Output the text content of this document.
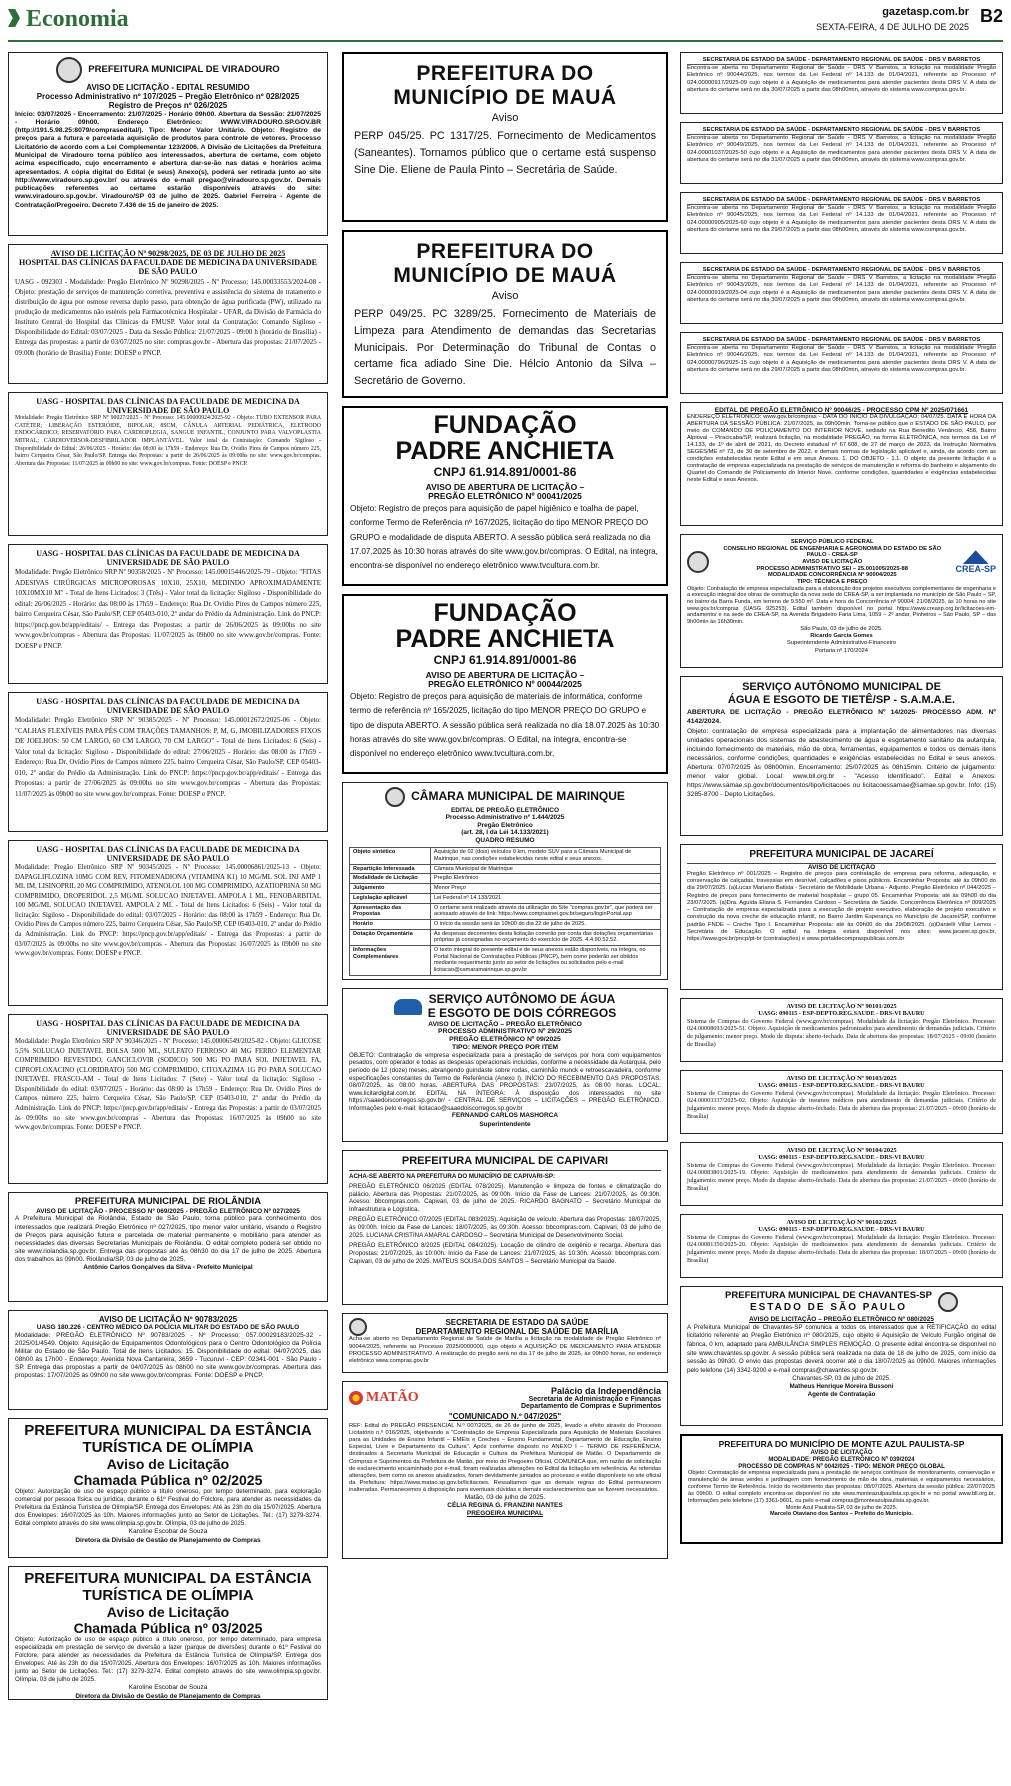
Economia	gazetasp.com.br
SEXTA-FEIRA, 4 DE JULHO DE 2025
B2
PREFEITURA MUNICIPAL DE VIRADOURO
AVISO DE LICITAÇÃO - EDITAL RESUMIDO
Processo Administrativo nº 107/2025 – Pregão Eletrônico nº 028/2025
Registro de Preços nº 026/2025

Início: 03/07/2025 - Encerramento: 21/07/2025 - Horário 09h00. Abertura da Sessão: 21/07/2025 - Horário 09h00. Endereço Eletrônico: WWW.VIRADOURO.SP.GOV.BR (http://191.5.98.25:8079/comprasedital/). Tipo: Menor Valor Unitário. Objeto: Registro de preços para a futura e parcelada aquisição de produtos para controle de vetores. Processo Licitatório de acordo com a Lei Complementar 123/2006. A Divisão de Licitações da Prefeitura Municipal de Viradouro torna público aos interessados, abertura de certame, com objeto acima especificado, cujo encerramento e abertura dar-se-ão nas datas e horários acima apresentados. A cópia digital do Edital (e seus) Anexo(s), poderá ser retirada junto ao site http://www.viradouro.sp.gov.br/ ou através do e-mail pregao@viradouro.sp.gov.br. Demais publicações referentes ao certame estarão disponíveis através do site: www.viradouro.sp.gov.br. Viradouro/SP 03 de julho de 2025. Gabriel Ferreira - Agente de Contratação/Pregoeiro. Decreto 7.436 de 15 de janeiro de 2025.

AVISO DE LICITAÇÃO Nº 90298/2025, DE 03 DE JULHO DE 2025
HOSPITAL DAS CLÍNICAS DA FACULDADE DE MEDICINA DA UNIVERSIDADE DE SÃO PAULO

UASG - 092303 - Modalidade: Pregão Eletrônico Nº 90298/2025 - Nº Processo: 145.00033553/2024-08 - Objeto: prestação de serviços de manutenção corretiva, preventiva e assistência do sistema de tratamento e distribuição de água por osmose reversa duplo passo, para obtenção de água purificada (PW), utilizado na produção de medicamentos não estéreis pela Farmacotécnica Hospitalar - UFAR, da Divisão de Farmácia do Instituto Central do Hospital das Clínicas da FMUSP. Valor total da Contratação: Comando Sigiloso - Disponibilidade do Edital: 03/07/2025 - Data da Sessão Pública: 21/07/2025 - 09:00 h (horário de Brasília) - Entrega das propostas: a partir de 03/07/2025 no site: compras.gov.br - Abertura das propostas: 21/07/2025 - 09:00h (horário de Brasília) Fonte: DOESP e PNCP.

UASG - HOSPITAL DAS CLÍNICAS DA FACULDADE DE MEDICINA DA UNIVERSIDADE DE SÃO PAULO

Modalidade: Pregão Eletrônico SRP Nº 90027/2025 - Nº Processo: 145.00000924/2025-92 - Objeto: TUBO EXTENSOR PARA CATÉTER; LIBERAÇÃO ESTERÓIDE, BIPOLAR, 8SCM, CÂNULA ARTERIAL PEDIÁTRICA, ELETRODO ENDOCÁRDICO; RESERVATÓRIO PARA CARDIOPLEGIA, SANGUE INFANTIL, CONJUNTO PARA VALVOPLASTIA MITRAL; CARDIOVERSOR-DESFIBRILADOR IMPLANTÁVEL. Valor total da Contratação: Comando Sigiloso - Disponibilidade do Edital: 26/06/2025 - Horário: das 08:00 às 17h59 - Endereço: Rua Dr. Ovídio Pires de Campos número 225, bairro Cerqueira César, São Paulo/SP. Entrega das Propostas: a partir de 26/06/2025 às 09:00hs no site: www.gov.br/compras. Abertura das Propostas: 11/07/2025 às 09h00 no site: www.gov.br/compras. Fonte: DOESP e PNCP.

UASG - HOSPITAL DAS CLÍNICAS DA FACULDADE DE MEDICINA DA UNIVERSIDADE DE SÃO PAULO

Modalidade: Pregão Eletrônico SRP Nº 90358/2025 - Nº Processo: 145.00015446/2025-79 - Objeto: "FITAS ADESIVAS CIRÚRGICAS MICROPOROSAS 10X10, 25X10, MEDINDO APROXIMADAMENTE 10X10MX10 M" - Total de Itens Licitados: 3 (Três) - Valor total da licitação: Sigiloso - Disponibilidade do edital: 26/06/2025 - Horário: das 08:00 às 17h59 - Endereço: Rua Dr. Ovídio Pires de Campos número 225, bairro Cerqueira César, São Paulo/SP, CEP 05403-010, 2º andar do Prédio da Administração. Link do PNCP: https://pncp.gov.br/app/editais/ - Entrega das Propostas: a partir de 26/06/2025 às 09:00hs no site www.gov.br/compras - Abertura das Propostas: 11/07/2025 às 09h00 no site www.gov.br/compras. Fonte: DOESP e PNCP.

UASG - HOSPITAL DAS CLÍNICAS DA FACULDADE DE MEDICINA DA UNIVERSIDADE DE SÃO PAULO

Modalidade: Pregão Eletrônico SRP Nº 90385/2025 - Nº Processo: 145.00012672/2025-06 - Objeto: "CALHAS FLEXÍVEIS PARA PÉS COM TRAÇÕES TAMANHOS: P, M, G, IMOBILIZADORES FIXOS DE JOELHOS: 50 CM LARGO, 60 CM LARGO, 70 CM LARGO" - Total de Itens Licitados: 6 (Seis) - Valor total da licitação: Sigiloso - Disponibilidade do edital: 27/06/2025 - Horário: das 08:00 às 17h59 - Endereço: Rua Dr. Ovídio Pires de Campos número 225, bairro Cerqueira César, São Paulo/SP, CEP 05403-010, 2º andar do Prédio da Administração. Link do PNCP: https://pncp.gov.br/app/editais/ - Entrega das Propostas: a partir de 27/06/2025 às 09:00hs no site www.gov.br/compras - Abertura das Propostas: 11/07/2025 às 09h00 no site www.gov.br/compras. Fonte: DOESP e PNCP.

UASG - HOSPITAL DAS CLÍNICAS DA FACULDADE DE MEDICINA DA UNIVERSIDADE DE SÃO PAULO

Modalidade: Pregão Eletrônico SRP Nº 90345/2025 - Nº Processo: 145.00006861/2025-13 - Objeto: DAPAGLIFLOZINA 10MG COM REV, FITOMENADIONA (VITAMINA K1) 10 MG/ML SOL INJ AMP 1 ML IM, LISINOPRIL 20 MG COMPRIMIDO, ATENOLOL 100 MG COMPRIMIDO, AZATIOPRINA 50 MG COMPRIMIDO, DROPERIDOL 2,5 MG/ML SOLUCAO INJETAVEL AMPOLA 1 ML, FENOBARBITAL 100 MG/ML SOLUCAO INJETAVEL AMPOLA 2 ML - Total de Itens Licitados: 6 (Seis) - Valor total da licitação: Sigiloso - Disponibilidade do edital: 03/07/2025 - Horário: das 08:00 às 17h59 - Endereço: Rua Dr. Ovídio Pires de Campos número 225, bairro Cerqueira César, São Paulo/SP, CEP 05403-010, 2º andar do Prédio da Administração. Link do PNCP: https://pncp.gov.br/app/editais/ - Entrega das Propostas: a partir de 03/07/2025 às 09:00hs no site www.gov.br/compras - Abertura das Propostas: 16/07/2025 às 09h00 no site www.gov.br/compras. Fonte: DOESP e PNCP.

UASG - HOSPITAL DAS CLÍNICAS DA FACULDADE DE MEDICINA DA UNIVERSIDADE DE SÃO PAULO

Modalidade: Pregão Eletrônico SRP Nº 90346/2025 - Nº Processo: 145.00006549/2025-82 - Objeto: GLICOSE 5,5% SOLUCAO INJETAVEL BOLSA 5000 ML, SULFATO FERROSO 40 MG FERRO ELEMENTAR COMPRIMIDO REVESTIDO, GANCICLOVIR (SODICO) 500 MG PO PARA SOL INJETAVEL FA, CIPROFLOXACINO (CLORIDRATO) 500 MG COMPRIMIDO, CITOXAZIMA 1G PO PARA SOLUCAO INJETAVEL FRASCO-AM - Total de Itens Licitados: 7 (Sete) - Valor total da licitação: Sigiloso - Disponibilidade do edital: 03/07/2025 - Horário: das 08:00 às 17h59 - Endereço: Rua Dr. Ovídio Pires de Campos número 225, bairro Cerqueira César, São Paulo/SP, CEP 05403-010, 2º andar do Prédio da Administração. Link do PNCP: https://pncp.gov.br/app/editais/ - Entrega das Propostas: a partir de 03/07/2025 às 09:00hs no site www.gov.br/compras - Abertura das Propostas: 16/07/2025 às 09h00 no site www.gov.br/compras. Fonte: DOESP e PNCP.

PREFEITURA MUNICIPAL DE RIOLÂNDIA
AVISO DE LICITAÇÃO - PROCESSO Nº 069/2025 - PREGÃO ELETRÔNICO Nº 027/2025

A Prefeitura Municipal de Riolândia, Estado de São Paulo, torna público para conhecimento dos interessados que realizará Pregão Eletrônico nº 027/2025, tipo menor valor unitário, visando o Registro de Preços para aquisição futura e parcelada de material permanente e mobiliário para atender as necessidades das diversas Secretarias Municipais de Riolândia. O edital completo poderá ser obtido no site www.riolandia.sp.gov.br. Entrega das propostas até às 08h30 do dia 17 de julho de 2025. Abertura dos trabalhos às 09h00. Riolândia/SP, 03 de julho de 2025.

Antônio Carlos Gonçalves da Silva - Prefeito Municipal

AVISO DE LICITAÇÃO Nº 90783/2025
UASG 180.226 - CENTRO MÉDICO DA POLÍCIA MILITAR DO ESTADO DE SÃO PAULO

Modalidade: PREGÃO ELETRÔNICO Nº 90783/2025 - Nº Processo: 057.00029183/2025-32 - 2025/01/4549. Objeto: Aquisição de Equipamentos Odontológicos para o Centro Odontológico da Polícia Militar do Estado de São Paulo. Total de Itens Licitados: 15. Disponibilidade do edital: 04/07/2025, das 08h00 às 17h00 - Endereço: Avenida Nova Cantareira, 3659 - Tucuruvi - CEP: 02341-001 - São Paulo - SP. Entrega das propostas a partir de 04/07/2025 às 08h00 no site www.gov.br/compras. Abertura das propostas: 17/07/2025 às 09h00 no site www.gov.br/compras. Fonte: DOESP e PNCP.

PREFEITURA MUNICIPAL DA ESTÂNCIA TURÍSTICA DE OLÍMPIA
Aviso de Licitação
Chamada Pública nº 02/2025

Objeto: Autorização de uso de espaço público a título oneroso, por tempo determinado, para exploração comercial por pessoa física ou jurídica, durante o 61º Festival do Folclore, para atender as necessidades da Prefeitura da Estância Turística de Olímpia/SP. Entrega dos Envelopes: Até às 23h do dia 15/07/2025. Abertura dos Envelopes: 16/07/2025 às 10h. Maiores informações junto ao Setor de Licitações. Tel.: (17) 3279-3274. Edital completo através do site www.olimpia.sp.gov.br. Olímpia, 03 de julho de 2025.

Karoline Escobar de Souza

Diretora da Divisão de Gestão de Planejamento de Compras

PREFEITURA MUNICIPAL DA ESTÂNCIA TURÍSTICA DE OLÍMPIA
Aviso de Licitação
Chamada Pública nº 03/2025

Objeto: Autorização de uso de espaço público a título oneroso, por tempo determinado, para empresa especializada em prestação de serviço de diversão a lazer (parque de diversões) durante o 61º Festival do Folclore, para atender as necessidades da Prefeitura da Estância Turística de Olímpia/SP. Entrega dos Envelopes: Até às 23h do dia 15/07/2025. Abertura dos Envelopes: 16/07/2025 às 10h. Maiores informações junto ao Setor de Licitações. Tel.: (17) 3279-3274. Edital completo através do site www.olimpia.sp.gov.br. Olímpia, 03 de julho de 2025.

Karoline Escobar de Souza

Diretora da Divisão de Gestão de Planejamento de Compras

PREFEITURA DO
MUNICÍPIO DE MAUÁ
Aviso

PERP 045/25. PC 1317/25. Fornecimento de Medicamentos (Saneantes). Tornamos público que o certame está suspenso Sine Die. Eliene de Paula Pinto – Secretária de Saúde.

PREFEITURA DO
MUNICÍPIO DE MAUÁ
Aviso

PERP 049/25. PC 3289/25. Fornecimento de Materiais de Limpeza para Atendimento de demandas das Secretarias Municipais. Por Determinação do Tribunal de Contas o certame fica adiado Sine Die. Hélcio Antonio da Silva – Secretário de Governo.

FUNDAÇÃO
PADRE ANCHIETA
CNPJ 61.914.891/0001-86
AVISO DE ABERTURA DE LICITAÇÃO –
PREGÃO ELETRÔNICO Nº 00041/2025

Objeto: Registro de preços para aquisição de papel higiênico e toalha de papel, conforme Termo de Referência nº 167/2025, licitação do tipo MENOR PREÇO DO GRUPO e modalidade de disputa ABERTO. A sessão pública será realizada no dia 17.07.2025 às 10:30 horas através do site www.gov.br/compras. O Edital, na íntegra, encontra-se disponível no endereço eletrônico www.tvcultura.com.br.

FUNDAÇÃO
PADRE ANCHIETA
CNPJ 61.914.891/0001-86
AVISO DE ABERTURA DE LICITAÇÃO –
PREGÃO ELETRÔNICO Nº 00044/2025

Objeto: Registro de preços para aquisição de materiais de informática, conforme termo de referência nº 165/2025, licitação do tipo MENOR PREÇO DO GRUPO e tipo de disputa ABERTO. A sessão pública será realizada no dia 18.07.2025 às 10:30 horas através do site www.gov.br/compras. O Edital, na íntegra, encontra-se disponível no endereço eletrônico www.tvcultura.com.br.

CÂMARA MUNICIPAL DE MAIRINQUE
EDITAL DE PREGÃO ELETRÔNICO
Processo Administrativo nº 1.444/2025
Pregão Eletrônico
(art. 28, I da Lei 14.133/2021)
QUADRO RESUMO
Objeto sintético	Aquisição de 02 (dois) veículos 0 km, modelo SUV para a Câmara Municipal de Mairinque, nas condições estabelecidas neste edital e seus anexos.
Repartição Interessada	Câmara Municipal de Mairinque
Modalidade de Licitação	Pregão Eletrônico
Julgamento	Menor Preço
Legislação aplicável	Lei Federal nº 14.133/2021
Apresentação das Propostas	O certame será realizado através da utilização do Site "compras.gov.br", que poderá ser acessado através de link: https://www.comprasnet.gov.br/seguro/loginPortal.asp
Horário	O início da sessão será às 10h00 do dia 22 de julho de 2025.
Dotação Orçamentária	As despesas decorrentes desta licitação correrão por conta das dotações orçamentárias próprias já consignadas no orçamento do exercício de 2025. 4.4.90.52.52.
Informações Complementares	O texto integral do presente edital e de seus anexos estão disponíveis, na íntegra, no Portal Nacional de Contratações Públicas (PNCP), bem como poderão ser obtidos mediante requerimento junto ao setor de licitações ou solicitados pelo e-mail licitacao@camaramairinque.sp.gov.br
SERVIÇO AUTÔNOMO DE ÁGUA
E ESGOTO DE DOIS CÓRREGOS
AVISO DE LICITAÇÃO – PREGÃO ELETRÔNICO
PROCESSO ADMINISTRATIVO Nº 29/2025
PREGÃO ELETRÔNICO Nº 09/2025
TIPO: MENOR PREÇO POR ITEM

OBJETO: Contratação de empresa especializada para a prestação de serviços por hora com equipamentos pesados, com operador e todas as despesas operacionais incluídas, conforme a necessidade da Autarquia, pelo período de 12 (doze) meses, abrangendo guindaste sobre rodas, caminhão munck e retroescavadeira, conforme especificações constantes do Termo de Referência (Anexo I). INÍCIO DO RECEBIMENTO DAS PROPOSTAS: 08/07/2025, às 08:00 horas. ABERTURA DAS PROPOSTAS: 23/07/2025, às 08:00 horas. LOCAL: www.licitardigital.com.br. EDITAL NA ÍNTEGRA: À disposição dos interessados no site https://saaedoiscorregos.sp.gov.br/ - CENTRAL DE SERVIÇOS – LICITAÇÕES – PREGÃO ELETRÔNICO. Informações pelo e-mail: licitacao@saaedoiscorregos.sp.gov.br

FERNANDO CARLOS MASHORCA

Superintendente

PREFEITURA MUNICIPAL DE CAPIVARI

ACHA-SE ABERTO NA PREFEITURA DO MUNICÍPIO DE CAPIVARI-SP:

PREGÃO ELETRÔNICO 06/2025 (EDITAL 078/2025). Manutenção e limpeza de fontes e climatização do palácio. Abertura das Propostas: 21/07/2025, às 09:00h. Início da Fase de Lances: 21/07/2025, às 09:30h. Acesso: bbcompras.com. Capivari, 03 de julho de 2025. RICARDO BAGNATO – Secretário Municipal de Infraestrutura e Logística.

PREGÃO ELETRÔNICO 07/2025 (EDITAL 083/2025). Aquisição de veículo. Abertura das Propostas: 18/07/2025, às 09:00h. Início da Fase de Lances: 18/07/2025, às 09:30h. Acesso: bbcompras.com. Capivari, 03 de julho de 2025. LUCIANA CRISTINA AMARAL CARDOSO – Secretária Municipal de Desenvolvimento Social.

PREGÃO ELETRÔNICO 8/2025 (EDITAL 084/2025). Locação de cilindro de oxigênio e recarga. Abertura das Propostas: 21/07/2025, às 10:00h. Início da Fase de Lances: 21/07/2025, às 10:30h. Acesso: bbcompras.com. Capivari, 03 de julho de 2025. MATEUS SOUSA DOS SANTOS – Secretário Municipal da Saúde.

SECRETARIA DE ESTADO DA SAÚDE
DEPARTAMENTO REGIONAL DE SAÚDE DE MARÍLIA

Acha-se aberto no Departamento Regional de Saúde de Marília a licitação na modalidade de Pregão Eletrônico nº 90044/2025, referente ao Processo 2025/0000000, cujo objeto é AQUISIÇÃO DE MEDICAMENTO PARA ATENDER PROCESSO ADMINISTRATIVO. A realização do pregão será no dia 17 de julho de 2025, às 09h00 horas, no endereço eletrônico www.compras.gov.br

MATÃO	Palácio da Independência
Secretaria de Administração e Finanças
Departamento de Compras e Suprimentos
"COMUNICADO N.º 047/2025"

REF: Edital do PREGÃO PRESENCIAL N.º 007/2025, de 26 de junho de 2025, levado a efeito através do Processo Licitatório n.º 016/2025, objetivando a "Contratação de Empresa Especializada para Aquisição de Materiais Escolares para as Unidades de Ensino Infantil – EMEIs e Creches – Ensino Fundamental, Departamento de Educação, Ensino Especial, Livre e Departamento da Cultura". Após conforme disposto no ANEXO I – TERMO DE REFERÊNCIA, destinados à Secretaria Municipal de Educação e Cultura da Prefeitura Municipal de Matão. O Departamento de Compras e Suprimentos da Prefeitura de Matão, por meio do Pregoeiro Oficial, COMUNICA que, em razão de solicitação de esclarecimento encaminhado por e-mail, foram realizadas alterações no Edital da licitação em referência. As referidas alterações, bem como os anexos atualizados, foram devidamente juntados ao processo e estão disponíveis no site oficial da Prefeitura: https://www.matao.sp.gov.br/licitacoes. Ressaltamos que as demais regras do Edital permanecem inalteradas. Permanecemos à disposição para eventuais dúvidas e demais esclarecimentos que se fizerem necessários.

Matão, 03 de julho de 2025.

CÉLIA REGINA G. FRANZINI NANTES

PREGOEIRA MUNICIPAL

SECRETARIA DE ESTADO DA SAÚDE - DEPARTAMENTO REGIONAL DE SAÚDE - DRS V BARRETOS

Encontra-se aberta no Departamento Regional de Saúde - DRS V Barretos, a licitação na modalidade Pregão Eletrônico nº 90044/2025, nos termos da Lei Federal nº 14.133 de 01/04/2021, referente ao Processo nº 024.00000917/2025-09 cujo objeto é a Aquisição de medicamentos para atender pacientes desta DRS V. A data de abertura do certame será no dia 30/07/2025 a partir das 08h00min, através do sistema www.compras.gov.br.

SECRETARIA DE ESTADO DA SAÚDE - DEPARTAMENTO REGIONAL DE SAÚDE - DRS V BARRETOS

Encontra-se aberta no Departamento Regional de Saúde - DRS V Barretos, a licitação na modalidade Pregão Eletrônico nº 90049/2025, nos termos da Lei Federal nº 14.133 de 01/04/2021, referente ao Processo nº 024.00001037/2025-50 cujo objeto é a Aquisição de medicamentos para atender pacientes desta DRS V. A data de abertura do certame será no dia 31/07/2025 a partir das 08h00min, através do sistema www.compras.gov.br.

SECRETARIA DE ESTADO DA SAÚDE - DEPARTAMENTO REGIONAL DE SAÚDE - DRS V BARRETOS

Encontra-se aberta no Departamento Regional de Saúde - DRS V Barretos, a licitação na modalidade Pregão Eletrônico nº 90045/2025, nos termos da Lei Federal nº 14.133 de 01/04/2021, referente ao Processo nº 024.00000905/2025-60 cujo objeto é a Aquisição de medicamentos para atender pacientes desta DRS V. A data de abertura do certame será no dia 29/07/2025 a partir das 08h00min, através do sistema www.compras.gov.br.

SECRETARIA DE ESTADO DA SAÚDE - DEPARTAMENTO REGIONAL DE SAÚDE - DRS V BARRETOS

Encontra-se aberta no Departamento Regional de Saúde - DRS V Barretos, a licitação na modalidade Pregão Eletrônico nº 90043/2025, nos termos da Lei Federal nº 14.133 de 01/04/2021, referente ao Processo nº 024.00000919/2025-04 cujo objeto é a Aquisição de medicamentos para atender pacientes desta DRS V. A data de abertura do certame será no dia 30/07/2025 a partir das 08h00min, através do sistema www.compras.gov.br.

SECRETARIA DE ESTADO DA SAÚDE - DEPARTAMENTO REGIONAL DE SAÚDE - DRS V BARRETOS

Encontra-se aberta no Departamento Regional de Saúde - DRS V Barretos, a licitação na modalidade Pregão Eletrônico nº 90046/2025, nos termos da Lei Federal nº 14.133 de 01/04/2021, referente ao Processo nº 024.00000796/2025-15 cujo objeto é a Aquisição de medicamentos para atender pacientes desta DRS V. A data de abertura do certame será no dia 29/07/2025 a partir das 08h00min, através do sistema www.compras.gov.br.

EDITAL DE PREGÃO ELETRÔNICO Nº 90046/25 - PROCESSO CPM Nº 2025/071661

ENDEREÇO ELETRÔNICO: www.gov.br/compras - DATA DO INÍCIO DA DIVULGAÇÃO: 04/07/25. DATA E HORA DA ABERTURA DA SESSÃO PÚBLICA: 21/07/2025, às 09h00min. Torna-se público que o ESTADO DE SÃO PAULO, por meio do COMANDO DE POLICIAMENTO DO INTERIOR NOVE, sediado na Rua Benedito Venâncio, 458, Bairro Alpioval – Piracicaba/SP, realizará licitação, na modalidade PREGÃO, na forma ELETRÔNICA, nos termos da Lei nº 14.133, de 1º de abril de 2021, do Decreto estadual nº 67.608, de 27 de março de 2023, da Instrução Normativa SEGES/ME nº 73, de 30 de setembro de 2022, e demais normas de legislação aplicável e, ainda, de acordo com as condições estabelecidas neste Edital e em seus Anexos. 1. DO OBJETO - 1.1. O objeto da presente licitação é a contratação de empresa especializada na prestação de serviços de manutenção e reforma do banheiro e alojamento do Quartel do Comando de Policiamento do Interior Nove, conforme condições, quantidades e exigências estabelecidas neste Edital e seus Anexos.

SERVIÇO PÚBLICO FEDERAL
CONSELHO REGIONAL DE ENGENHARIA E AGRONOMIA DO ESTADO DE SÃO PAULO - CREA-SP
AVISO DE LICITAÇÃO
PROCESSO ADMINISTRATIVO SEI – 25.001005/2025-88
MODALIDADE CONCORRÊNCIA Nº 90004/2025
TIPO: TÉCNICA E PREÇO
CREA-SP

Objeto: Contratação de empresa especializada para a elaboração dos projetos executivos complementares de engenharia e a execução integral dos obras de construção da nova sede do CREA-SP, a ser implantada no município de São Paulo – SP, no bairro da Barra Funda, em terreno de 9.550 m². Data e hora da Concorrência nº 90004: 21/08/2025, às 10 horas no site www.gov.br/compras (UASG 925253). Edital também disponível no portal https://www.creasp.org.br/licitacoes-em-andamento/ e na sede do CREA-SP, na Avenida Brigadeiro Faria Lima, 1059 – 2º andar, Pinheiros – São Paulo, SP – das 9h00min às 16h30min.

São Paulo, 03 de julho de 2025.

Ricardo Garcia Gomes

Superintendente Administrativo-Financeiro

Portaria nº 170/2024

SERVIÇO AUTÔNOMO MUNICIPAL DE
ÁGUA E ESGOTO DE TIETÊ/SP - S.A.M.A.E.

ABERTURA DE LICITAÇÃO - PREGÃO ELETRÔNICO Nº 14/2025- PROCESSO ADM. Nº 4142/2024.

Objeto: contratação de empresa especializada para a implantação de alimentadores nas diversas unidades operacionais dos sistemas de abastecimento de água e esgotamento sanitário da autarquia, incluindo fornecimento de materiais, mão de obra, ferramentas, equipamentos e todos os demais itens necessários, conforme condições, quantidades e exigências estabelecidas no Edital e seus anexos. Abertura: 07/07/2025 às 08h00min. Encerramento: 25/07/2025 às 08h15min. Critério de julgamento: menor valor global. Local: www.bll.org.br - "Acesso Identificado". Edital e Anexos: https://www.samae.sp.gov.br/documentos/tipo/licitacoes ou licitacoessamae@samae.sp.gov.br. Info: (15) 3285-8700 - Depto Licitações.

PREFEITURA MUNICIPAL DE JACAREÍ
AVISO DE LICITAÇÃO

Pregão Eletrônico nº 001/2025 – Registro de preços para contratação de empresa para reforma, adequação, e conservação de calçadas, travessias em desnível, calçadões e pisos públicos. Encaminhar Proposta: até às 09h00 do dia 29/07/2025. (a)Lucas Mariano Batista - Secretário de Mobilidade Urbana - Adjunto. Pregão Eletrônico nº 044/2025 – Registro de preços para fornecimento de material hospitalar – grupo 05. Encaminhar Proposta: até às 09h00 do dia 23/07/2025. (a)Dra. Aguida Eliana S. Fernandes Cardoso – Secretária de Saúde. Concorrência Eletrônica nº 009/2025 – Contratação de empresa especializada para a execução de projeto executivo, elaboração de projeto executivo e construção da nova creche de educação infantil, no Bairro Jardim Esperança no Município de Jacareí/SP, conforme padrão FNDE – Creche Tipo I. Encaminhar Proposta: até às 09h00 do dia 29/08/2025. (a)Danielli Villar Lemos - Secretária de Educação. O edital na íntegra estará disponível nos sites: www.jacarei.sp.gov.br, https://www.gov.br/pncp/pt-br (contratações) e www.portaldecompraspublicas.com.br

AVISO DE LICITAÇÃO Nº 90101/2025
UASG: 090115 - ESP-DEPTO.REG.SAUDE - DRS-VI BAURU

Sistema de Compras do Governo Federal (www.gov.br/compras). Modalidade da licitação: Pregão Eletrônico. Processo: 024.00008693/2025-51. Objeto: Aquisição de medicamentos padronizados para atendimento de demandas judiciais. Critério de julgamento: menor preço. Modo de disputa: aberto-fechado. Data de abertura das propostas: 18/07/2025 - 09:00 (horário de Brasília)

AVISO DE LICITAÇÃO Nº 90103/2025
UASG: 090115 - ESP-DEPTO.REG.SAUDE - DRS-VI BAURU

Sistema de Compras do Governo Federal (www.gov.br/compras). Modalidade da licitação: Pregão Eletrônico. Processo: 024.00003337/2025-02. Objeto: Aquisição de insumos médicos para atendimento de demandas judiciais. Critério de julgamento: menor preço. Modo de disputa: aberto-fechado. Data de abertura das propostas: 21/07/2025 - 09:00 (horário de Brasília)

AVISO DE LICITAÇÃO Nº 90104/2025
UASG: 090115 - ESP-DEPTO.REG.SAUDE - DRS-VI BAURU

Sistema de Compras do Governo Federal (www.gov.br/compras). Modalidade da licitação: Pregão Eletrônico. Processo: 024.00083801/2025-19. Objeto: Aquisição de medicamentos para atendimento de demandas judiciais. Critério de julgamento: menor preço. Modo de disputa: aberto-fechado. Data de abertura das propostas: 21/07/2025 - 09:00 (horário de Brasília)

AVISO DE LICITAÇÃO Nº 90102/2025
UASG: 090115 - ESP-DEPTO.REG.SAUDE - DRS-VI BAURU

Sistema de Compras do Governo Federal (www.gov.br/compras). Modalidade da licitação: Pregão Eletrônico. Processo: 024.00081350/2025-20. Objeto: Aquisição de medicamentos para atendimento de demandas judiciais. Critério de julgamento: menor preço. Modo de disputa: aberto-fechado. Data de abertura das propostas: 18/07/2025 - 09:00 (horário de Brasília)

PREFEITURA MUNICIPAL DE CHAVANTES-SP
ESTADO DE SÃO PAULO
AVISO DE LICITAÇÃO – PREGÃO ELETRÔNICO Nº 080/2025

A Prefeitura Municipal de Chavantes-SP comunica a todos os interessados que a RETIFICAÇÃO do edital licitatório referente ao Pregão Eletrônico nº 080/2025, cujo objeto é Aquisição de Veículo Furgão original de fábrica, 0 km, adaptado para AMBULÂNCIA SIMPLES REMOÇÃO. O presente edital encontra-se disponível no site www.chavantes.sp.gov.br. A sessão pública será realizada na data de 18 de julho de 2025, com início da sessão às 09h30. O envio das propostas deverá ocorrer até o dia 18/07/2025 às 09h00. Maiores informações pelo telefone (14) 3342-9200 e e-mail compras@chavantes.sp.gov.br.

Chavantes-SP, 03 de julho de 2025.

Matheus Henrique Moreira Bussoni

Agente de Contratação

PREFEITURA DO MUNICÍPIO DE MONTE AZUL PAULISTA-SP
AVISO DE LICITAÇÃO
MODALIDADE: PREGÃO ELETRÔNICO Nº 039/2024
PROCESSO DE COMPRAS Nº 0042/025 - TIPO: MENOR PREÇO GLOBAL

Objeto: Contratação de empresa especializada para a prestação de serviços contínuos de monitoramento, conservação e manutenção de áreas verdes e jardinagem com fornecimento de mão de obra, materiais e equipamentos necessários, conforme Termo de Referência. Início do recebimento das propostas: 08/07/2025. Abertura da sessão pública: 22/07/2025 às 09h00. O edital completo encontra-se disponível no site www.monteazulpaulista.sp.gov.br e no portal www.bll.org.br. Informações pelo telefone (17) 3361-9601, ou pelo e-mail compras@monteazulpaulista.sp.gov.br.

Monte Azul Paulista-SP, 03 de julho de 2025.

Marcelo Otaviano dos Santos – Prefeito do Município.
